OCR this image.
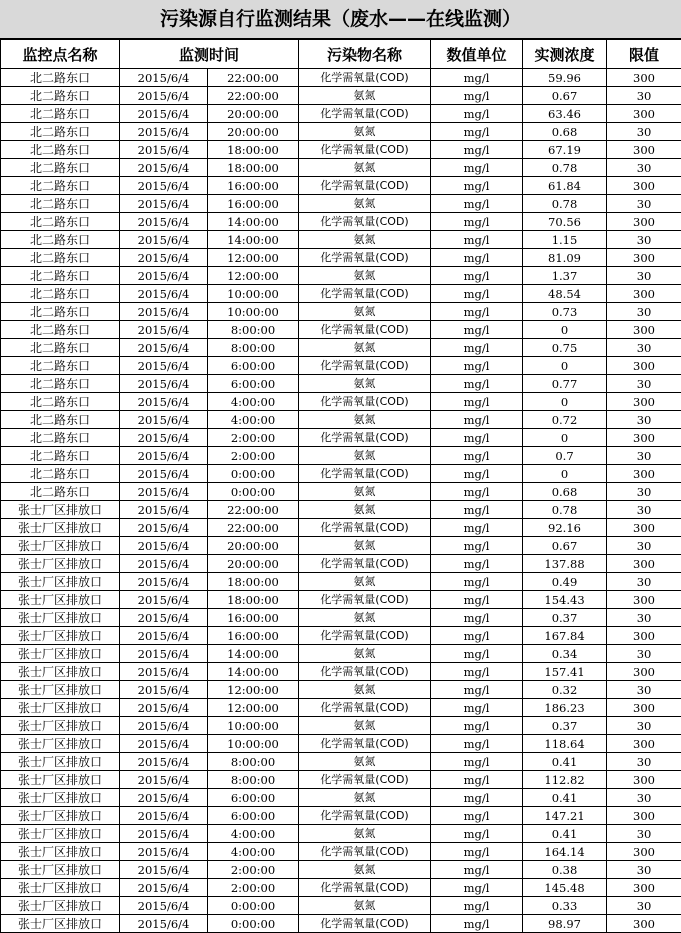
污染源自行监测结果（废水——在线监测）
监控点名称	监测时间		污染物名称	数值单位	实测浓度	限值
北二路东口	2015/6/4	22:00:00	化学需氧量(COD)	mg/l	59.96	300
北二路东口	2015/6/4	22:00:00	氨氮	mg/l	0.67	30
北二路东口	2015/6/4	20:00:00	化学需氧量(COD)	mg/l	63.46	300
北二路东口	2015/6/4	20:00:00	氨氮	mg/l	0.68	30
北二路东口	2015/6/4	18:00:00	化学需氧量(COD)	mg/l	67.19	300
北二路东口	2015/6/4	18:00:00	氨氮	mg/l	0.78	30
北二路东口	2015/6/4	16:00:00	化学需氧量(COD)	mg/l	61.84	300
北二路东口	2015/6/4	16:00:00	氨氮	mg/l	0.78	30
北二路东口	2015/6/4	14:00:00	化学需氧量(COD)	mg/l	70.56	300
北二路东口	2015/6/4	14:00:00	氨氮	mg/l	1.15	30
北二路东口	2015/6/4	12:00:00	化学需氧量(COD)	mg/l	81.09	300
北二路东口	2015/6/4	12:00:00	氨氮	mg/l	1.37	30
北二路东口	2015/6/4	10:00:00	化学需氧量(COD)	mg/l	48.54	300
北二路东口	2015/6/4	10:00:00	氨氮	mg/l	0.73	30
北二路东口	2015/6/4	8:00:00	化学需氧量(COD)	mg/l	0	300
北二路东口	2015/6/4	8:00:00	氨氮	mg/l	0.75	30
北二路东口	2015/6/4	6:00:00	化学需氧量(COD)	mg/l	0	300
北二路东口	2015/6/4	6:00:00	氨氮	mg/l	0.77	30
北二路东口	2015/6/4	4:00:00	化学需氧量(COD)	mg/l	0	300
北二路东口	2015/6/4	4:00:00	氨氮	mg/l	0.72	30
北二路东口	2015/6/4	2:00:00	化学需氧量(COD)	mg/l	0	300
北二路东口	2015/6/4	2:00:00	氨氮	mg/l	0.7	30
北二路东口	2015/6/4	0:00:00	化学需氧量(COD)	mg/l	0	300
北二路东口	2015/6/4	0:00:00	氨氮	mg/l	0.68	30
张士厂区排放口	2015/6/4	22:00:00	氨氮	mg/l	0.78	30
张士厂区排放口	2015/6/4	22:00:00	化学需氧量(COD)	mg/l	92.16	300
张士厂区排放口	2015/6/4	20:00:00	氨氮	mg/l	0.67	30
张士厂区排放口	2015/6/4	20:00:00	化学需氧量(COD)	mg/l	137.88	300
张士厂区排放口	2015/6/4	18:00:00	氨氮	mg/l	0.49	30
张士厂区排放口	2015/6/4	18:00:00	化学需氧量(COD)	mg/l	154.43	300
张士厂区排放口	2015/6/4	16:00:00	氨氮	mg/l	0.37	30
张士厂区排放口	2015/6/4	16:00:00	化学需氧量(COD)	mg/l	167.84	300
张士厂区排放口	2015/6/4	14:00:00	氨氮	mg/l	0.34	30
张士厂区排放口	2015/6/4	14:00:00	化学需氧量(COD)	mg/l	157.41	300
张士厂区排放口	2015/6/4	12:00:00	氨氮	mg/l	0.32	30
张士厂区排放口	2015/6/4	12:00:00	化学需氧量(COD)	mg/l	186.23	300
张士厂区排放口	2015/6/4	10:00:00	氨氮	mg/l	0.37	30
张士厂区排放口	2015/6/4	10:00:00	化学需氧量(COD)	mg/l	118.64	300
张士厂区排放口	2015/6/4	8:00:00	氨氮	mg/l	0.41	30
张士厂区排放口	2015/6/4	8:00:00	化学需氧量(COD)	mg/l	112.82	300
张士厂区排放口	2015/6/4	6:00:00	氨氮	mg/l	0.41	30
张士厂区排放口	2015/6/4	6:00:00	化学需氧量(COD)	mg/l	147.21	300
张士厂区排放口	2015/6/4	4:00:00	氨氮	mg/l	0.41	30
张士厂区排放口	2015/6/4	4:00:00	化学需氧量(COD)	mg/l	164.14	300
张士厂区排放口	2015/6/4	2:00:00	氨氮	mg/l	0.38	30
张士厂区排放口	2015/6/4	2:00:00	化学需氧量(COD)	mg/l	145.48	300
张士厂区排放口	2015/6/4	0:00:00	氨氮	mg/l	0.33	30
张士厂区排放口	2015/6/4	0:00:00	化学需氧量(COD)	mg/l	98.97	300
